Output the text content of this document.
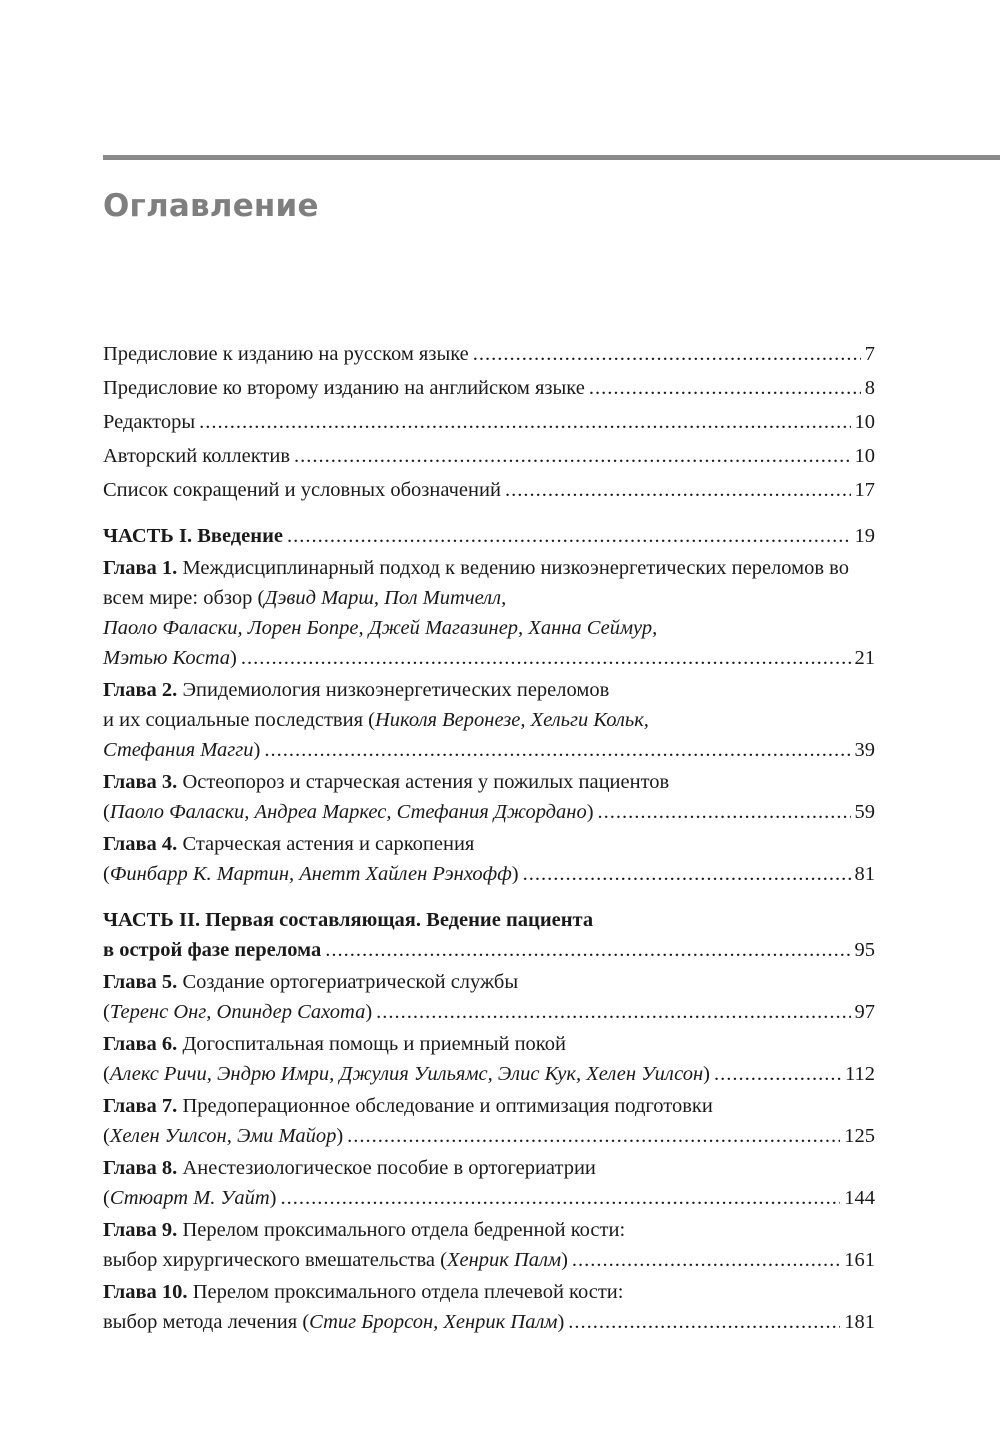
Оглавление
Предисловие к изданию на русском языке .....	7
Предисловие ко второму изданию на английском языке .....	8
Редакторы .....	10
Авторский коллектив .....	10
Список сокращений и условных обозначений .....	17
ЧАСТЬ I. Введение .....	19
Глава 1. Междисциплинарный подход к ведению низкоэнергетических переломов во всем мире: обзор (Дэвид Марш, Пол Митчелл,
Паоло Фаласки, Лорен Бопре, Джей Магазинер, Ханна Сеймур,
Мэтью Коста) .....	21
Глава 2. Эпидемиология низкоэнергетических переломов
и их социальные последствия (Николя Веронезе, Хельги Кольк,
Стефания Магги) .....	39
Глава 3. Остеопороз и старческая астения у пожилых пациентов
(Паоло Фаласки, Андреа Маркес, Стефания Джордано) .....	59
Глава 4. Старческая астения и саркопения
(Финбарр К. Мартин, Анетт Хайлен Рэнхофф) .....	81
ЧАСТЬ II. Первая составляющая. Ведение пациента
в острой фазе перелома .....	95
Глава 5. Создание ортогериатрической службы
(Теренс Онг, Опиндер Сахота) .....	97
Глава 6. Догоспитальная помощь и приемный покой
(Алекс Ричи, Эндрю Имри, Джулия Уильямс, Элис Кук, Хелен Уилсон) .....	112
Глава 7. Предоперационное обследование и оптимизация подготовки
(Хелен Уилсон, Эми Майор) .....	125
Глава 8. Анестезиологическое пособие в ортогериатрии
(Стюарт М. Уайт) .....	144
Глава 9. Перелом проксимального отдела бедренной кости:
выбор хирургического вмешательства (Хенрик Палм) .....	161
Глава 10. Перелом проксимального отдела плечевой кости:
выбор метода лечения (Стиг Брорсон, Хенрик Палм) .....	181
